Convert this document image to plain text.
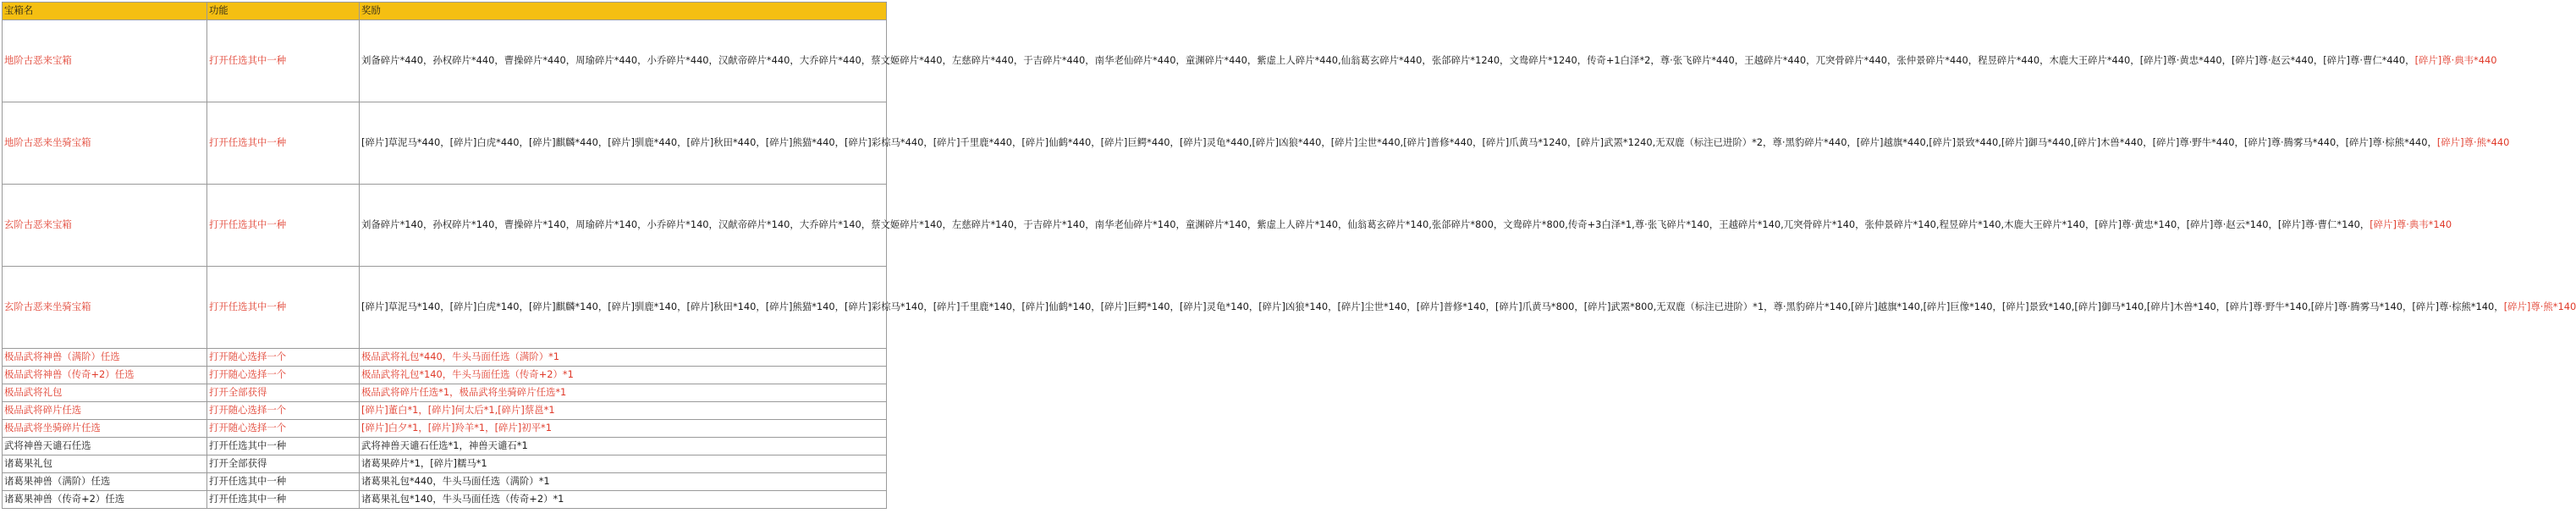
宝箱名	功能	奖励
地阶古恶来宝箱	打开任选其中一种	刘备碎片*440，孙权碎片*440，曹操碎片*440，周瑜碎片*440，小乔碎片*440，汉献帝碎片*440，大乔碎片*440，蔡文姬碎片*440，左慈碎片*440，于吉碎片*440，南华老仙碎片*440，童渊碎片*440，紫虚上人碎片*440,仙翁葛玄碎片*440，张郃碎片*1240，文鸯碎片*1240，传奇+1白泽*2，尊·张飞碎片*440，王越碎片*440，兀突骨碎片*440，张仲景碎片*440，程昱碎片*440，木鹿大王碎片*440，[碎片]尊·黄忠*440，[碎片]尊·赵云*440，[碎片]尊·曹仁*440，[碎片]尊·典韦*440
地阶古恶来坐骑宝箱	打开任选其中一种	[碎片]草泥马*440，[碎片]白虎*440，[碎片]麒麟*440，[碎片]驯鹿*440，[碎片]秋田*440，[碎片]熊猫*440，[碎片]彩棕马*440，[碎片]千里鹿*440，[碎片]仙鹤*440，[碎片]巨鳄*440，[碎片]灵龟*440,[碎片]凶狼*440，[碎片]尘世*440,[碎片]普修*440，[碎片]爪黄马*1240，[碎片]武罴*1240,无双鹿（标注已进阶）*2，尊·黑豹碎片*440，[碎片]越旗*440,[碎片]景致*440,[碎片]御马*440,[碎片]木兽*440，[碎片]尊·野牛*440，[碎片]尊·腾雾马*440，[碎片]尊·棕熊*440，[碎片]尊·熊*440
玄阶古恶来宝箱	打开任选其中一种	刘备碎片*140，孙权碎片*140，曹操碎片*140，周瑜碎片*140，小乔碎片*140，汉献帝碎片*140，大乔碎片*140，蔡文姬碎片*140，左慈碎片*140，于吉碎片*140，南华老仙碎片*140，童渊碎片*140，紫虚上人碎片*140，仙翁葛玄碎片*140,张郃碎片*800，文鸯碎片*800,传奇+3白泽*1,尊·张飞碎片*140，王越碎片*140,兀突骨碎片*140，张仲景碎片*140,程昱碎片*140,木鹿大王碎片*140，[碎片]尊·黄忠*140，[碎片]尊·赵云*140，[碎片]尊·曹仁*140，[碎片]尊·典韦*140
玄阶古恶来坐骑宝箱	打开任选其中一种	[碎片]草泥马*140，[碎片]白虎*140，[碎片]麒麟*140，[碎片]驯鹿*140，[碎片]秋田*140，[碎片]熊猫*140，[碎片]彩棕马*140，[碎片]千里鹿*140，[碎片]仙鹤*140，[碎片]巨鳄*140，[碎片]灵龟*140，[碎片]凶狼*140，[碎片]尘世*140，[碎片]普修*140，[碎片]爪黄马*800，[碎片]武罴*800,无双鹿（标注已进阶）*1，尊·黑豹碎片*140,[碎片]越旗*140,[碎片]巨像*140，[碎片]景致*140,[碎片]御马*140,[碎片]木兽*140，[碎片]尊·野牛*140,[碎片]尊·腾雾马*140，[碎片]尊·棕熊*140，[碎片]尊·熊*140
极品武将神兽（满阶）任选	打开随心选择一个	极品武将礼包*440，牛头马面任选（满阶）*1
极品武将神兽（传奇+2）任选	打开随心选择一个	极品武将礼包*140，牛头马面任选（传奇+2）*1
极品武将礼包	打开全部获得	极品武将碎片任选*1，极品武将坐骑碎片任选*1
极品武将碎片任选	打开随心选择一个	[碎片]董白*1，[碎片]何太后*1,[碎片]蔡邕*1
极品武将坐骑碎片任选	打开随心选择一个	[碎片]白夕*1，[碎片]羚羊*1，[碎片]初平*1
武将神兽天谴石任选	打开任选其中一种	武将神兽天谴石任选*1，神兽天谴石*1
诸葛果礼包	打开全部获得	诸葛果碎片*1，[碎片]糯马*1
诸葛果神兽（满阶）任选	打开任选其中一种	诸葛果礼包*440，牛头马面任选（满阶）*1
诸葛果神兽（传奇+2）任选	打开任选其中一种	诸葛果礼包*140，牛头马面任选（传奇+2）*1
